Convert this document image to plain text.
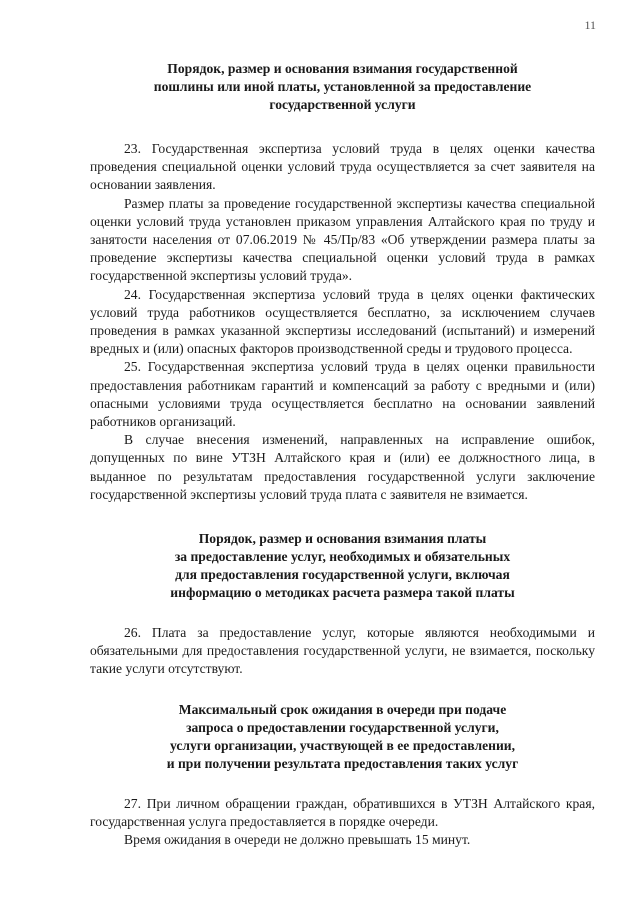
11
Порядок, размер и основания взимания государственной
пошлины или иной платы, установленной за предоставление
государственной услуги

23. Государственная экспертиза условий труда в целях оценки качества проведения специальной оценки условий труда осуществляется за счет заявителя на основании заявления.

Размер платы за проведение государственной экспертизы качества специальной оценки условий труда установлен приказом управления Алтайского края по труду и занятости населения от 07.06.2019 № 45/Пр/83 «Об утверждении размера платы за проведение экспертизы качества специальной оценки условий труда в рамках государственной экспертизы условий труда».

24. Государственная экспертиза условий труда в целях оценки фактических условий труда работников осуществляется бесплатно, за исключением случаев проведения в рамках указанной экспертизы исследований (испытаний) и измерений вредных и (или) опасных факторов производственной среды и трудового процесса.

25. Государственная экспертиза условий труда в целях оценки правильности предоставления работникам гарантий и компенсаций за работу с вредными и (или) опасными условиями труда осуществляется бесплатно на основании заявлений работников организаций.

В случае внесения изменений, направленных на исправление ошибок, допущенных по вине УТЗН Алтайского края и (или) ее должностного лица, в выданное по результатам предоставления государственной услуги заключение государственной экспертизы условий труда плата с заявителя не взимается.

Порядок, размер и основания взимания платы
за предоставление услуг, необходимых и обязательных
для предоставления государственной услуги, включая
информацию о методиках расчета размера такой платы

26. Плата за предоставление услуг, которые являются необходимыми и обязательными для предоставления государственной услуги, не взимается, поскольку такие услуги отсутствуют.

Максимальный срок ожидания в очереди при подаче
запроса о предоставлении государственной услуги,
услуги организации, участвующей в ее предоставлении,
и при получении результата предоставления таких услуг

27. При личном обращении граждан, обратившихся в УТЗН Алтайского края, государственная услуга предоставляется в порядке очереди.

Время ожидания в очереди не должно превышать 15 минут.
